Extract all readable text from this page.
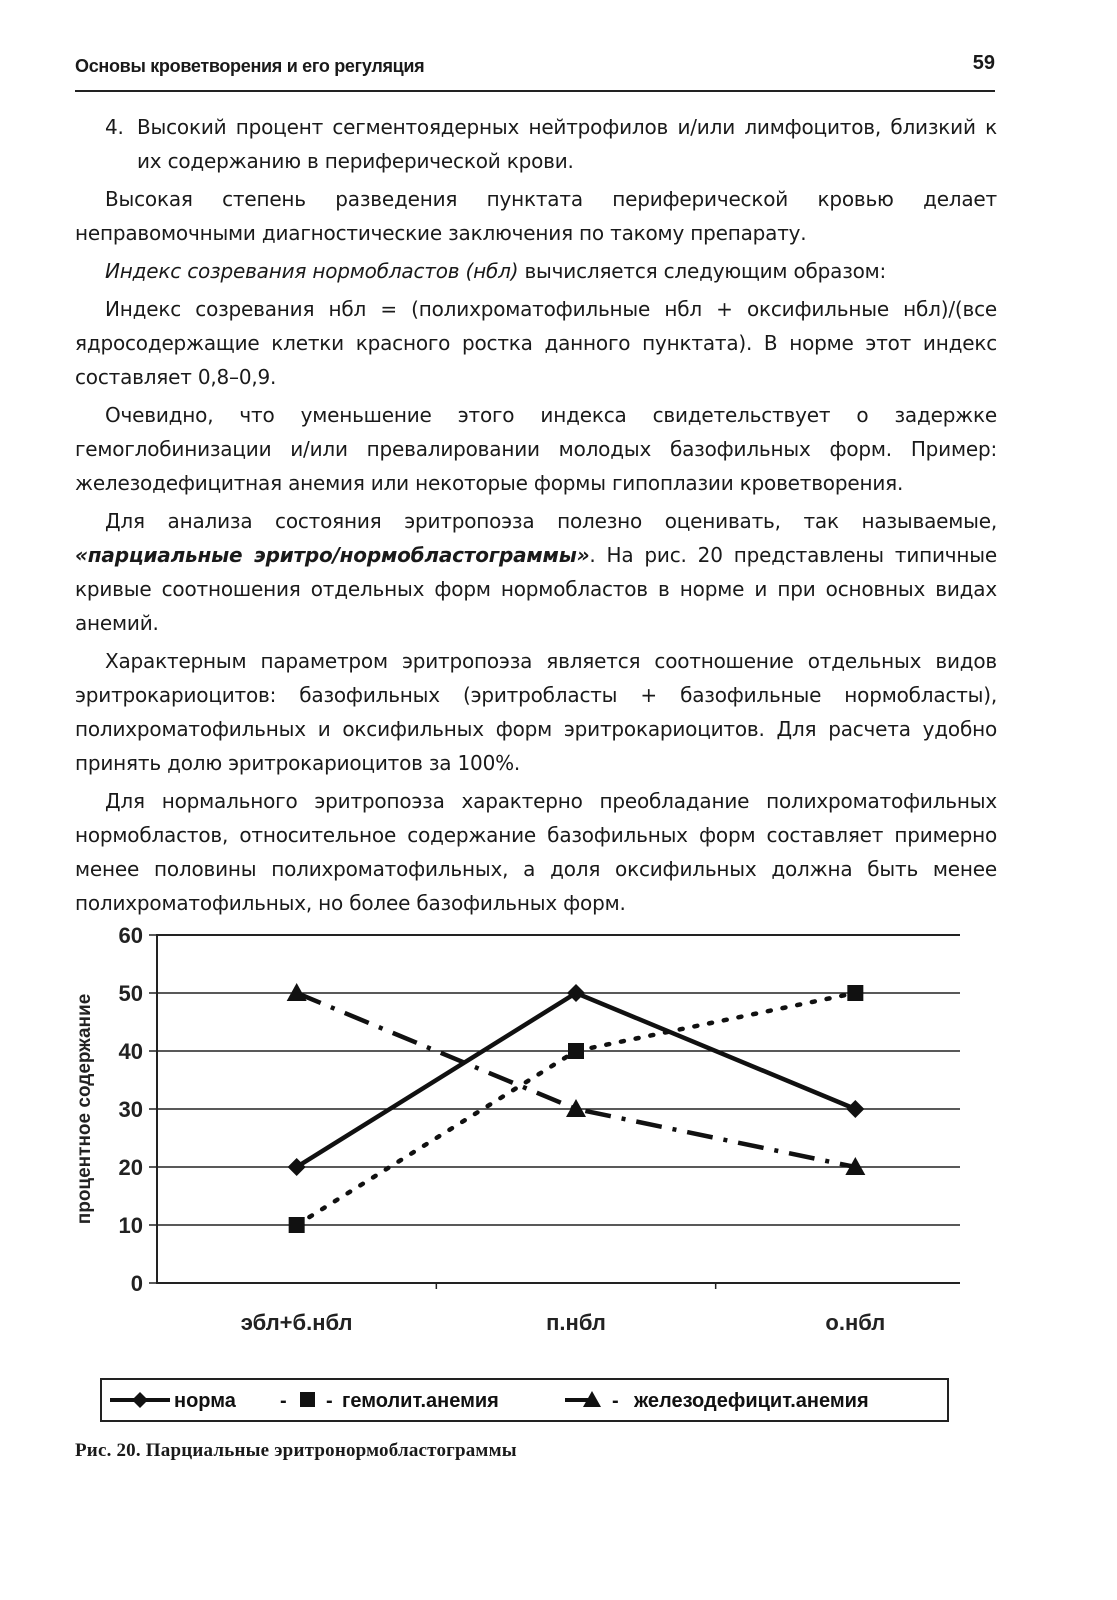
Основы кроветворения и его регуляция	59

4. Высокий процент сегментоядерных нейтрофилов и/или лимфоцитов, близкий к их содержанию в периферической крови.

Высокая степень разведения пунктата периферической кровью делает неправомочными диагностические заключения по такому препарату.

Индекс созревания нормобластов (нбл) вычисляется следующим образом:

Индекс созревания нбл = (полихроматофильные нбл + оксифильные нбл)/(все ядросодержащие клетки красного ростка данного пунктата). В норме этот индекс составляет 0,8–0,9.

Очевидно, что уменьшение этого индекса свидетельствует о задержке гемоглобинизации и/или превалировании молодых базофильных форм. Пример: железодефицитная анемия или некоторые формы гипоплазии кроветворения.

Для анализа состояния эритропоэза полезно оценивать, так называемые, «парциальные эритро/нормобластограммы». На рис. 20 представлены типичные кривые соотношения отдельных форм нормобластов в норме и при основных видах анемий.

Характерным параметром эритропоэза является соотношение отдельных видов эритрокариоцитов: базофильных (эритробласты + базофильные нормобласты), полихроматофильных и оксифильных форм эритрокариоцитов. Для расчета удобно принять долю эритрокариоцитов за 100%.

Для нормального эритропоэза характерно преобладание полихроматофильных нормобластов, относительное содержание базофильных форм составляет примерно менее половины полихроматофильных, а доля оксифильных должна быть менее полихроматофильных, но более базофильных форм.

0
10
20
30
40
50
60
эбл+б.нбл	п.нбл	о.нбл
процентное содержание
норма - - гемолит.анемия	- железодефицит.анемия
Рис. 20. Парциальные эритронормобластограммы
